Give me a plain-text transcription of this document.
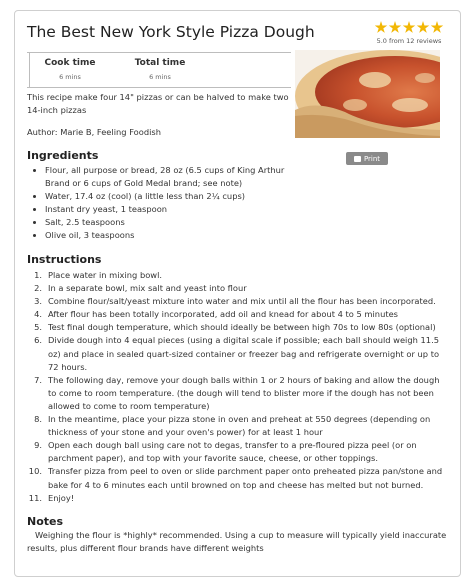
The Best New York Style Pizza Dough	5.0 from 12 reviews
Cook time
6 mins
Total time
6 mins
This recipe make four 14" pizzas or can be halved to make two 14-inch pizzas
Author: Marie B, Feeling Foodish
Print
Ingredients
Flour, all purpose or bread, 28 oz (6.5 cups of King Arthur Brand or 6 cups of Gold Medal brand; see note)
Water, 17.4 oz (cool) (a little less than 2¼ cups)
Instant dry yeast, 1 teaspoon
Salt, 2.5 teaspoons
Olive oil, 3 teaspoons
Instructions
1. Place water in mixing bowl.
2. In a separate bowl, mix salt and yeast into flour
3. Combine flour/salt/yeast mixture into water and mix until all the flour has been incorporated.
4. After flour has been totally incorporated, add oil and knead for about 4 to 5 minutes
5. Test final dough temperature, which should ideally be between high 70s to low 80s (optional)
6. Divide dough into 4 equal pieces (using a digital scale if possible; each ball should weigh 11.5 oz) and place in sealed quart-sized container or freezer bag and refrigerate overnight or up to 72 hours.
7. The following day, remove your dough balls within 1 or 2 hours of baking and allow the dough to come to room temperature. (the dough will tend to blister more if the dough has not been allowed to come to room temperature)
8. In the meantime, place your pizza stone in oven and preheat at 550 degrees (depending on thickness of your stone and your oven's power) for at least 1 hour
9. Open each dough ball using care not to degas, transfer to a pre-floured pizza peel (or on parchment paper), and top with your favorite sauce, cheese, or other toppings.
10. Transfer pizza from peel to oven or slide parchment paper onto preheated pizza pan/stone and bake for 4 to 6 minutes each until browned on top and cheese has melted but not burned.
11. Enjoy!
Notes
Weighing the flour is *highly* recommended. Using a cup to measure will typically yield inaccurate results, plus different flour brands have different weights
